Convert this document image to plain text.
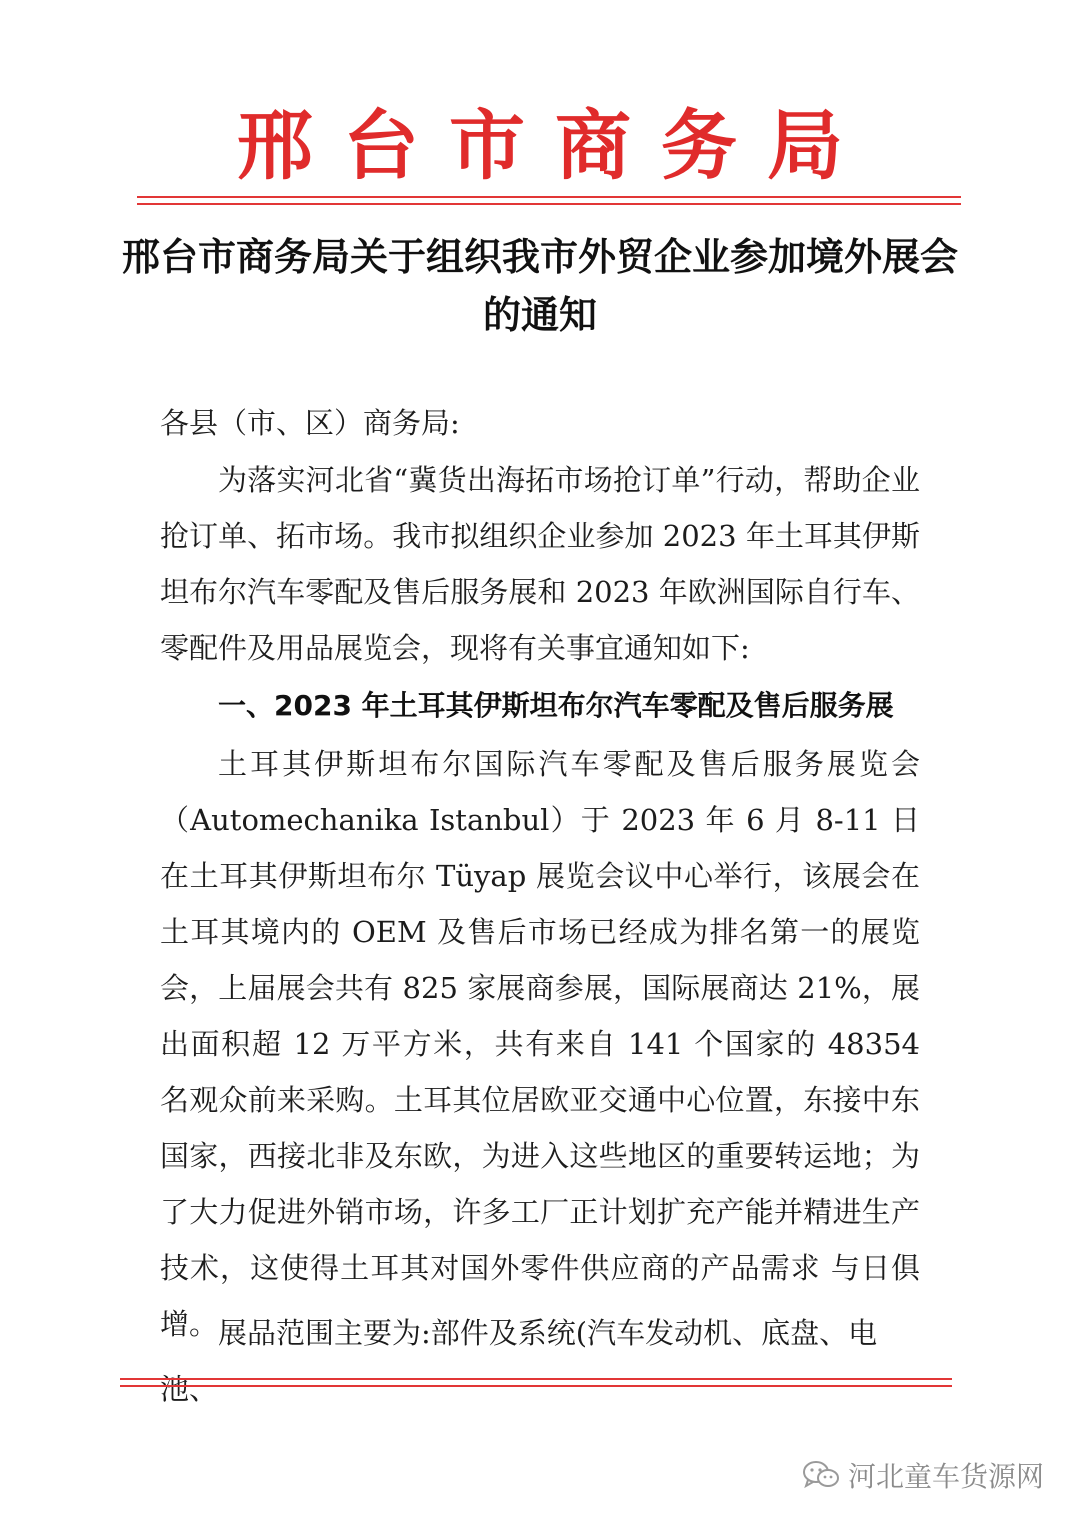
邢台市商务局
邢台市商务局关于组织我市外贸企业参加境外展会的通知
各县（市、区）商务局:
为落实河北省“冀货出海拓市场抢订单”行动，帮助企业抢订单、拓市场。我市拟组织企业参加 2023 年土耳其伊斯坦布尔汽车零配及售后服务展和 2023 年欧洲国际自行车、零配件及用品展览会，现将有关事宜通知如下:
一、2023 年土耳其伊斯坦布尔汽车零配及售后服务展
土耳其伊斯坦布尔国际汽车零配及售后服务展览会（Automechanika Istanbul）于 2023 年 6 月 8-11 日在土耳其伊斯坦布尔 Tüyap 展览会议中心举行，该展会在土耳其境内的 OEM 及售后市场已经成为排名第一的展览会，上届展会共有 825 家展商参展，国际展商达 21%，展出面积超 12 万平方米，共有来自 141 个国家的 48354 名观众前来采购。土耳其位居欧亚交通中心位置，东接中东国家，西接北非及东欧，为进入这些地区的重要转运地；为了大力促进外销市场，许多工厂正计划扩充产能并精进生产技术，这使得土耳其对国外零件供应商的产品需求 与日俱增。 展品范围主要为:部件及系统(汽车发动机、底盘、电池、
河北童车货源网
